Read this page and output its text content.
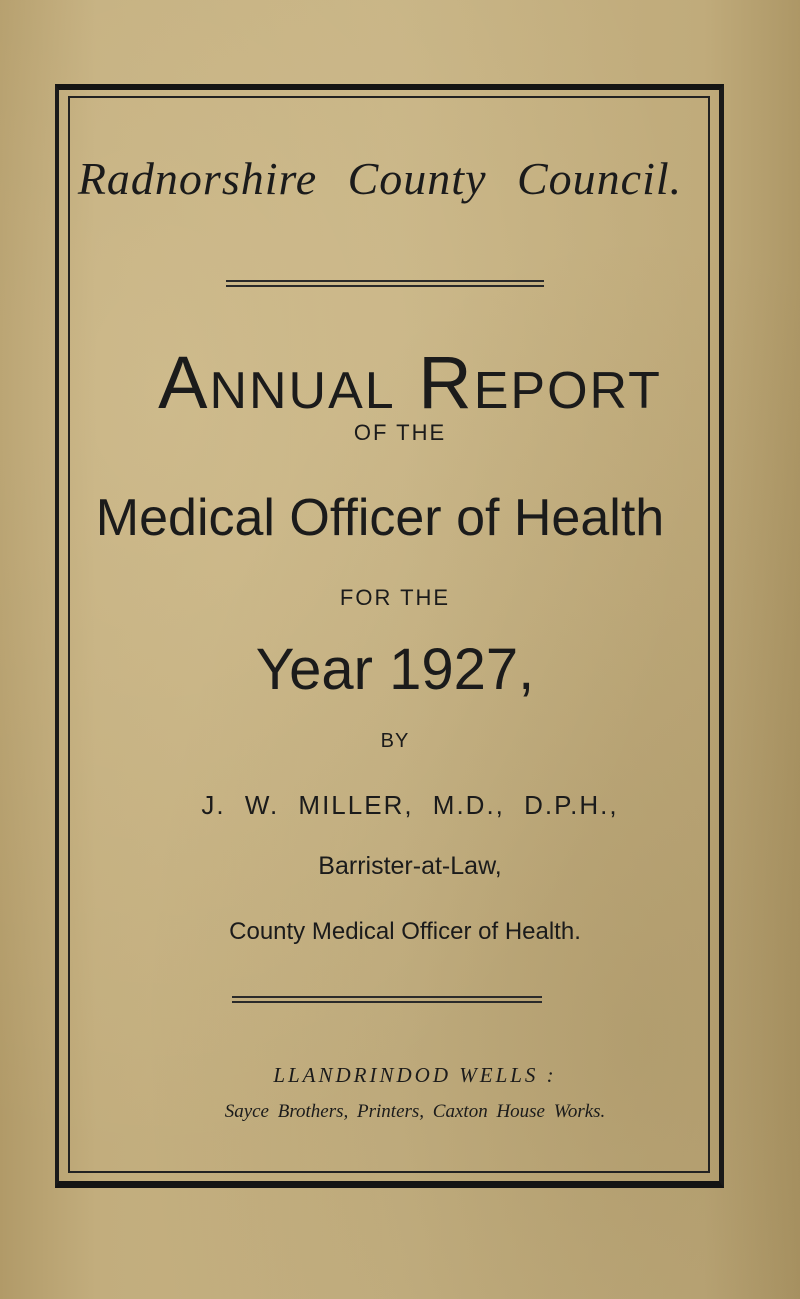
Radnorshire County Council.
Annual Report
OF THE
Medical Officer of Health
FOR THE
Year 1927,
BY
J. W. MILLER, M.D., D.P.H.,
Barrister-at-Law,
County Medical Officer of Health.
LLANDRINDOD WELLS :
Sayce Brothers, Printers, Caxton House Works.
